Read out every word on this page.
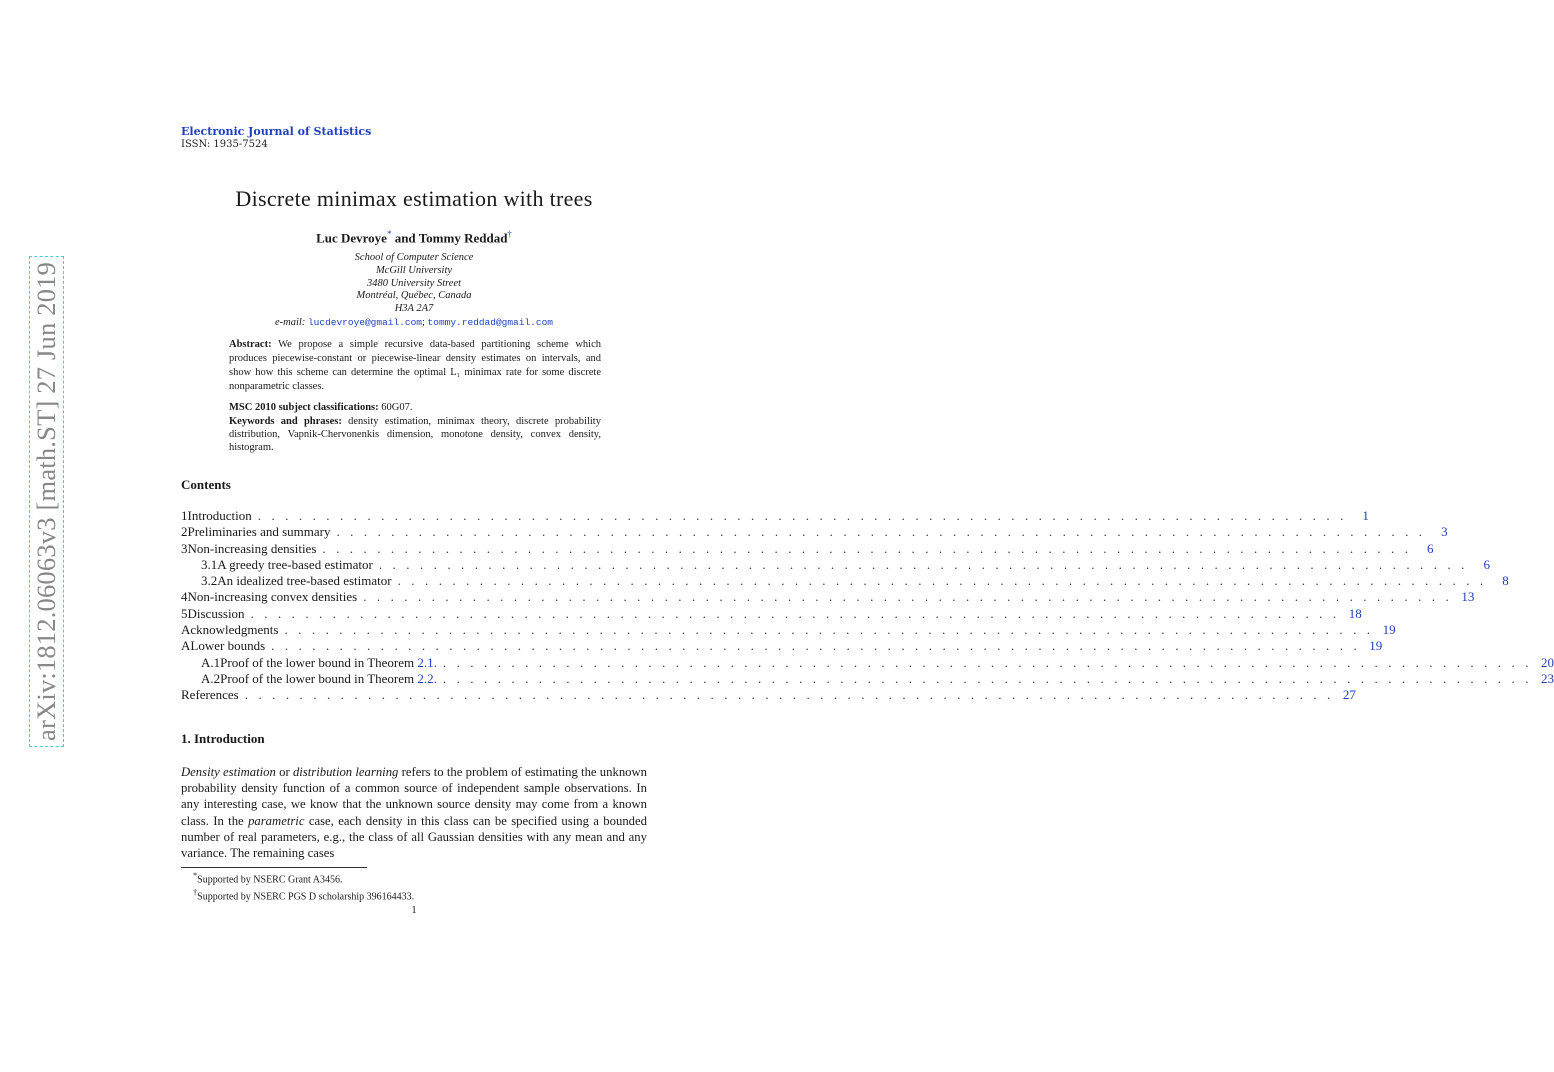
Electronic Journal of Statistics
ISSN: 1935-7524
arXiv:1812.06063v3 [math.ST] 27 Jun 2019
Discrete minimax estimation with trees
Luc Devroye* and Tommy Reddad†
School of Computer Science
McGill University
3480 University Street
Montréal, Québec, Canada
H3A 2A7
e-mail: lucdevroye@gmail.com; tommy.reddad@gmail.com
Abstract: We propose a simple recursive data-based partitioning scheme which produces piecewise-constant or piecewise-linear density estimates on intervals, and show how this scheme can determine the optimal L₁ minimax rate for some discrete nonparametric classes.
MSC 2010 subject classifications: 60G07.
Keywords and phrases: density estimation, minimax theory, discrete probability distribution, Vapnik-Chervonenkis dimension, monotone density, convex density, histogram.
Contents
1 Introduction . . . . . . . . . . . . . . . . . . . . . . . . . . . . . . . . . . . . . . . . . . . . . . . . . . . . . . . . . . . . . . . . . . . . . . . . . . . . . . . .	1
2 Preliminaries and summary . . . . . . . . . . . . . . . . . . . . . . . . . . . . . . . . . . . . . . . . . . . . . . . . . . . . . . . . . . . . . . . . . . . . . . . . . . . . . . . .	3
3 Non-increasing densities . . . . . . . . . . . . . . . . . . . . . . . . . . . . . . . . . . . . . . . . . . . . . . . . . . . . . . . . . . . . . . . . . . . . . . . . . . . . . . . .	6
3.1 A greedy tree-based estimator . . . . . . . . . . . . . . . . . . . . . . . . . . . . . . . . . . . . . . . . . . . . . . . . . . . . . . . . . . . . . . . . . . . . . . . . . . . . . . . .	6
3.2 An idealized tree-based estimator . . . . . . . . . . . . . . . . . . . . . . . . . . . . . . . . . . . . . . . . . . . . . . . . . . . . . . . . . . . . . . . . . . . . . . . . . . . . . . . .	8
4 Non-increasing convex densities . . . . . . . . . . . . . . . . . . . . . . . . . . . . . . . . . . . . . . . . . . . . . . . . . . . . . . . . . . . . . . . . . . . . . . . . . . . . . . . . 13
5 Discussion . . . . . . . . . . . . . . . . . . . . . . . . . . . . . . . . . . . . . . . . . . . . . . . . . . . . . . . . . . . . . . . . . . . . . . . . . . . . . . . . 18
Acknowledgments . . . . . . . . . . . . . . . . . . . . . . . . . . . . . . . . . . . . . . . . . . . . . . . . . . . . . . . . . . . . . . . . . . . . . . . . . . . . . . . . 19
A Lower bounds . . . . . . . . . . . . . . . . . . . . . . . . . . . . . . . . . . . . . . . . . . . . . . . . . . . . . . . . . . . . . . . . . . . . . . . . . . . . . . . . 19
A.1 Proof of the lower bound in Theorem 2.1. . . . . . . . . . . . . . . . . . . . . . . . . . . . . . . . . . . . . . . . . . . . . . . . . . . . . . . . . . . . . . . . . . . . . . . . . . . . . . . . . 20
A.2 Proof of the lower bound in Theorem 2.2. . . . . . . . . . . . . . . . . . . . . . . . . . . . . . . . . . . . . . . . . . . . . . . . . . . . . . . . . . . . . . . . . . . . . . . . . . . . . . . . . 23
References . . . . . . . . . . . . . . . . . . . . . . . . . . . . . . . . . . . . . . . . . . . . . . . . . . . . . . . . . . . . . . . . . . . . . . . . . . . . . . . . 27
1. Introduction
Density estimation or distribution learning refers to the problem of estimating the unknown probability density function of a common source of independent sample observations. In any interesting case, we know that the unknown source density may come from a known class. In the parametric case, each density in this class can be specified using a bounded number of real parameters, e.g., the class of all Gaussian densities with any mean and any variance. The remaining cases
*Supported by NSERC Grant A3456.
†Supported by NSERC PGS D scholarship 396164433.
1
